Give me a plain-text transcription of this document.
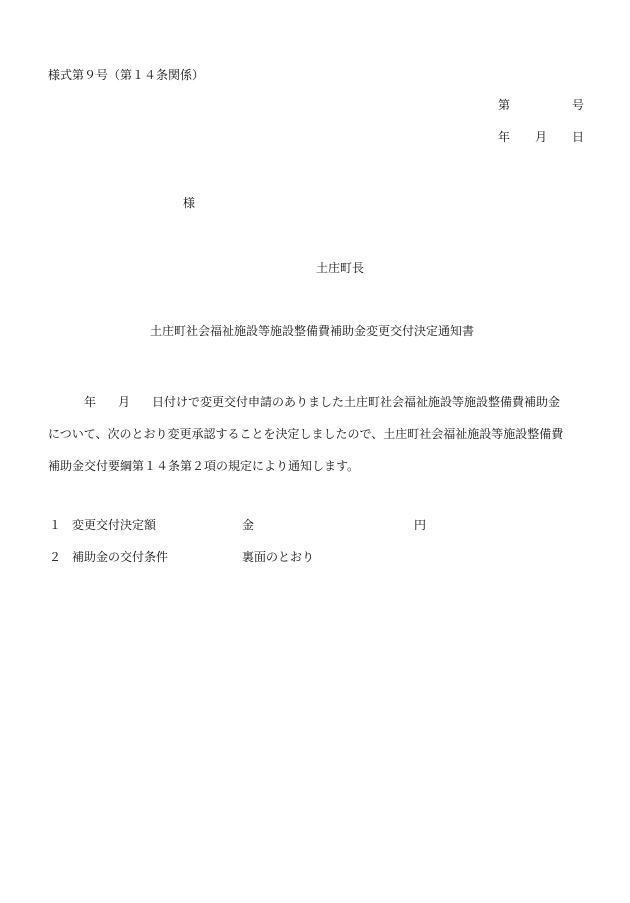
様式第９号（第１４条関係）
第	号
年 月 日
様
土庄町長
土庄町社会福祉施設等施設整備費補助金変更交付決定通知書
年 月 日付けで変更交付申請のありました土庄町社会福祉施設等施設整備費補助金
について、次のとおり変更承認することを決定しましたので、土庄町社会福祉施設等施設整備費
補助金交付要綱第１４条第２項の規定により通知します。
１ 変更交付決定額	金	円
２ 補助金の交付条件	裏面のとおり
